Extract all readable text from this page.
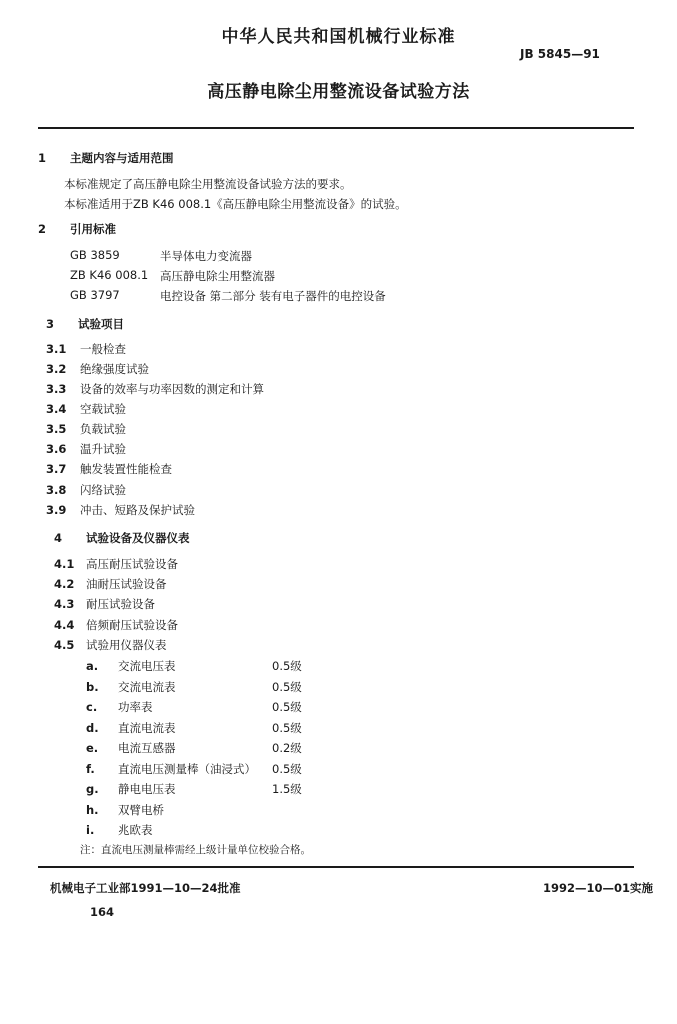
中华人民共和国机械行业标准
JB 5845—91
高压静电除尘用整流设备试验方法
1 主题内容与适用范围
本标准规定了高压静电除尘用整流设备试验方法的要求。
本标准适用于ZB K46 008.1《高压静电除尘用整流设备》的试验。
2 引用标准
GB 3859	半导体电力变流器
ZB K46 008.1 高压静电除尘用整流器
GB 3797	电控设备 第二部分 装有电子器件的电控设备
3 试验项目
3.1 一般检查
3.2 绝缘强度试验
3.3 设备的效率与功率因数的测定和计算
3.4 空载试验
3.5 负载试验
3.6 温升试验
3.7 触发装置性能检查
3.8 闪络试验
3.9 冲击、短路及保护试验
4 试验设备及仪器仪表
4.1 高压耐压试验设备
4.2 油耐压试验设备
4.3 耐压试验设备
4.4 倍频耐压试验设备
4.5 试验用仪器仪表
a. 交流电压表	0.5级
b. 交流电流表	0.5级
c. 功率表	0.5级
d. 直流电流表	0.5级
e. 电流互感器	0.2级
f. 直流电压测量棒（油浸式） 0.5级
g. 静电电压表	1.5级
h. 双臂电桥
i. 兆欧表
注：直流电压测量棒需经上级计量单位校验合格。
机械电子工业部1991—10—24批准	1992—10—01实施
164
